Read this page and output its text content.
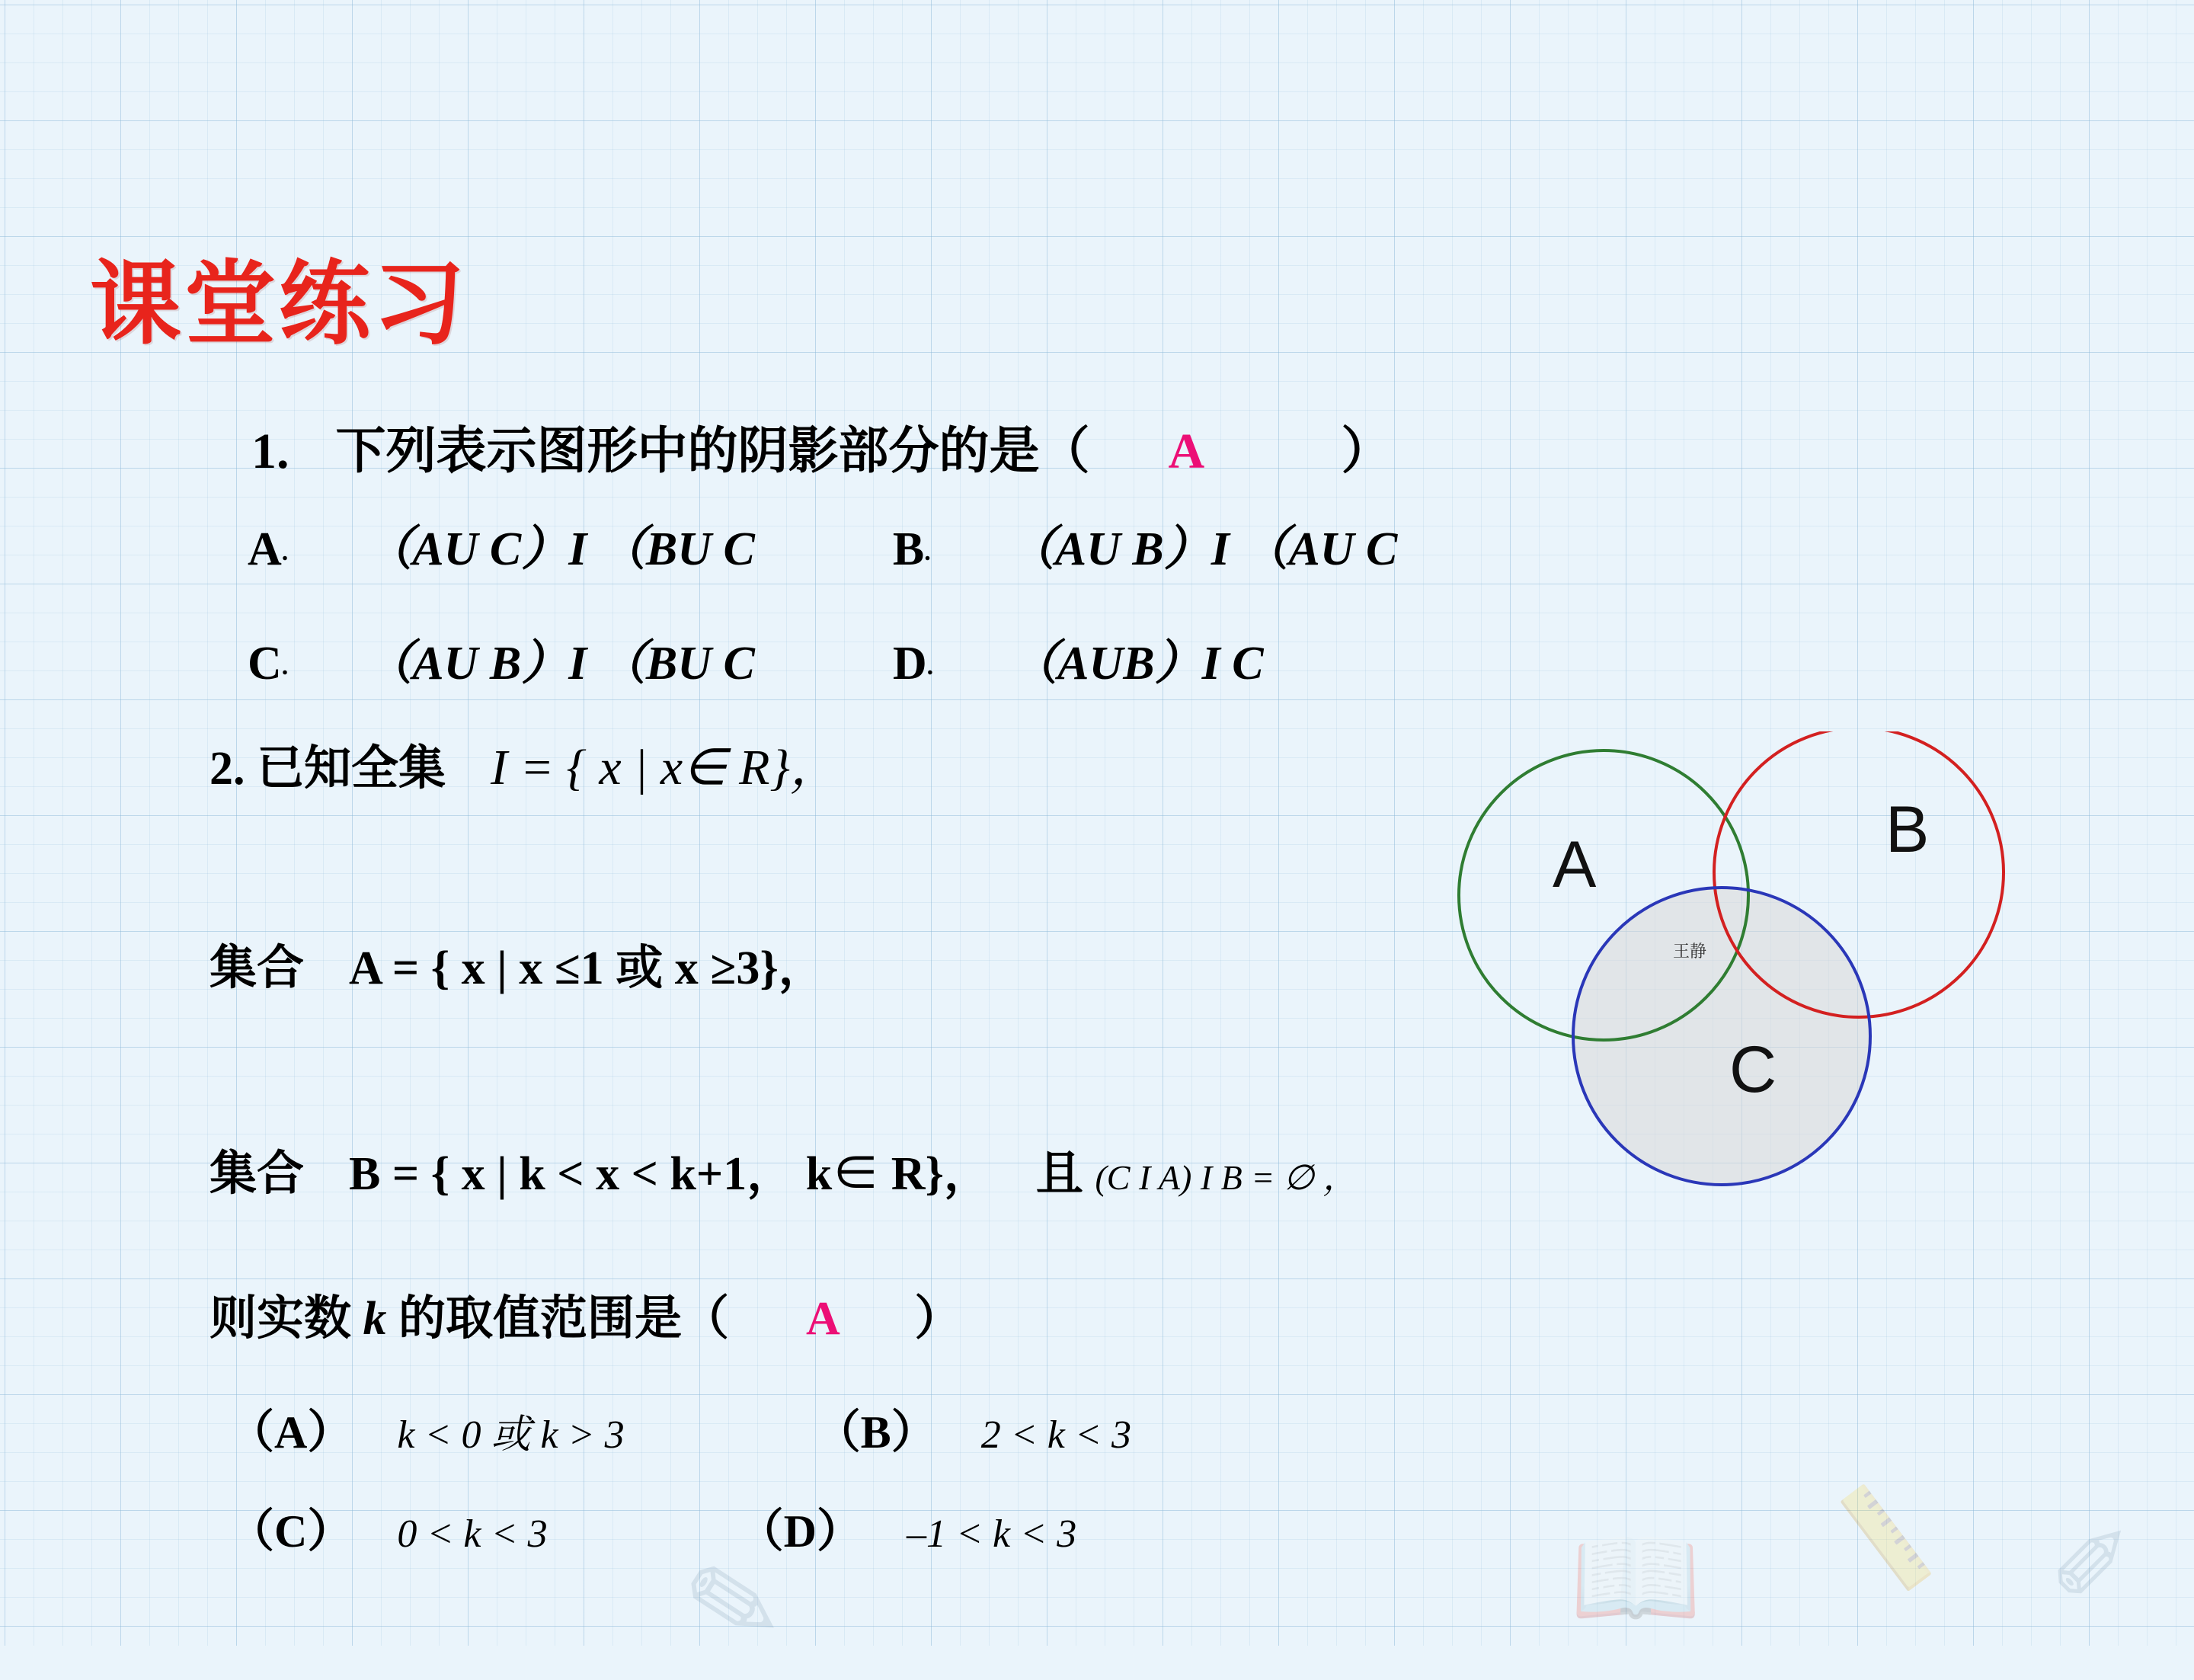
课堂练习
1. 下列表示图形中的阴影部分的是（ A	）
A. （AU C）I （BU C	B. （AU B）I （AU C
C. （AU B）I （BU C	D. （AUB）I C
2. 已知全集 I = { x | x∈ R}，
集合 A = { x | x ≤1 或 x ≥3}，
集合 B = { x | k < x < k+1， k∈ R}， 且 (C I A) I B = ∅ ，
则实数 k 的取值范围是（ A ）
（A） k < 0 或 k > 3	（B） 2 < k < 3
（C） 0 < k < 3	（D） –1 < k < 3
A	B
C
王静
✎	📖 📏 ✐
